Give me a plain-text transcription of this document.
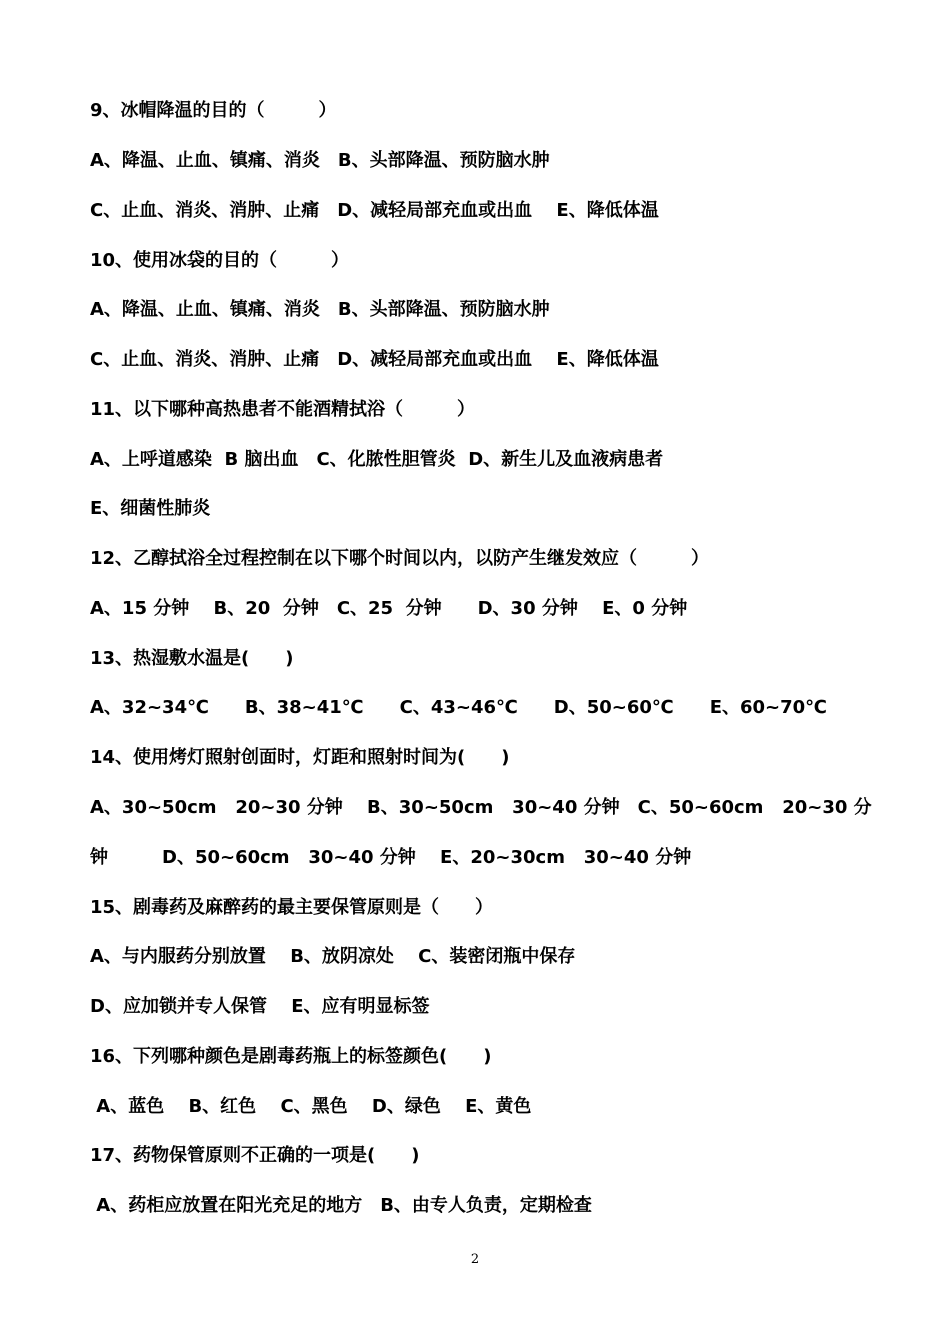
9、冰帽降温的目的（　　　）
A、降温、止血、镇痛、消炎　B、头部降温、预防脑水肿
C、止血、消炎、消肿、止痛　D、减轻局部充血或出血　 E、降低体温
10、使用冰袋的目的（　　　）
A、降温、止血、镇痛、消炎　B、头部降温、预防脑水肿
C、止血、消炎、消肿、止痛　D、减轻局部充血或出血　 E、降低体温
11、以下哪种高热患者不能酒精拭浴（　　　）
A、上呼道感染  B 脑出血　C、化脓性胆管炎  D、新生儿及血液病患者
E、细菌性肺炎
12、乙醇拭浴全过程控制在以下哪个时间以内，以防产生继发效应（　　　）
A、15 分钟　 B、20  分钟　C、25  分钟　　D、30 分钟　 E、0 分钟
13、热湿敷水温是(　　)
A、32~34℃　　B、38~41℃　　C、43~46℃　　D、50~60℃　　E、60~70℃
14、使用烤灯照射创面时，灯距和照射时间为(　　)
A、30~50cm   20~30 分钟　 B、30~50cm   30~40 分钟　C、50~60cm   20~30 分
钟　　　D、50~60cm   30~40 分钟　 E、20~30cm   30~40 分钟
15、剧毒药及麻醉药的最主要保管原则是（　　）
A、与内服药分别放置　 B、放阴凉处　 C、装密闭瓶中保存
D、应加锁并专人保管　 E、应有明显标签
16、下列哪种颜色是剧毒药瓶上的标签颜色(　　)
A、蓝色　 B、红色　 C、黑色　 D、绿色　 E、黄色
17、药物保管原则不正确的一项是(　　)
A、药柜应放置在阳光充足的地方　B、由专人负责，定期检查
2
